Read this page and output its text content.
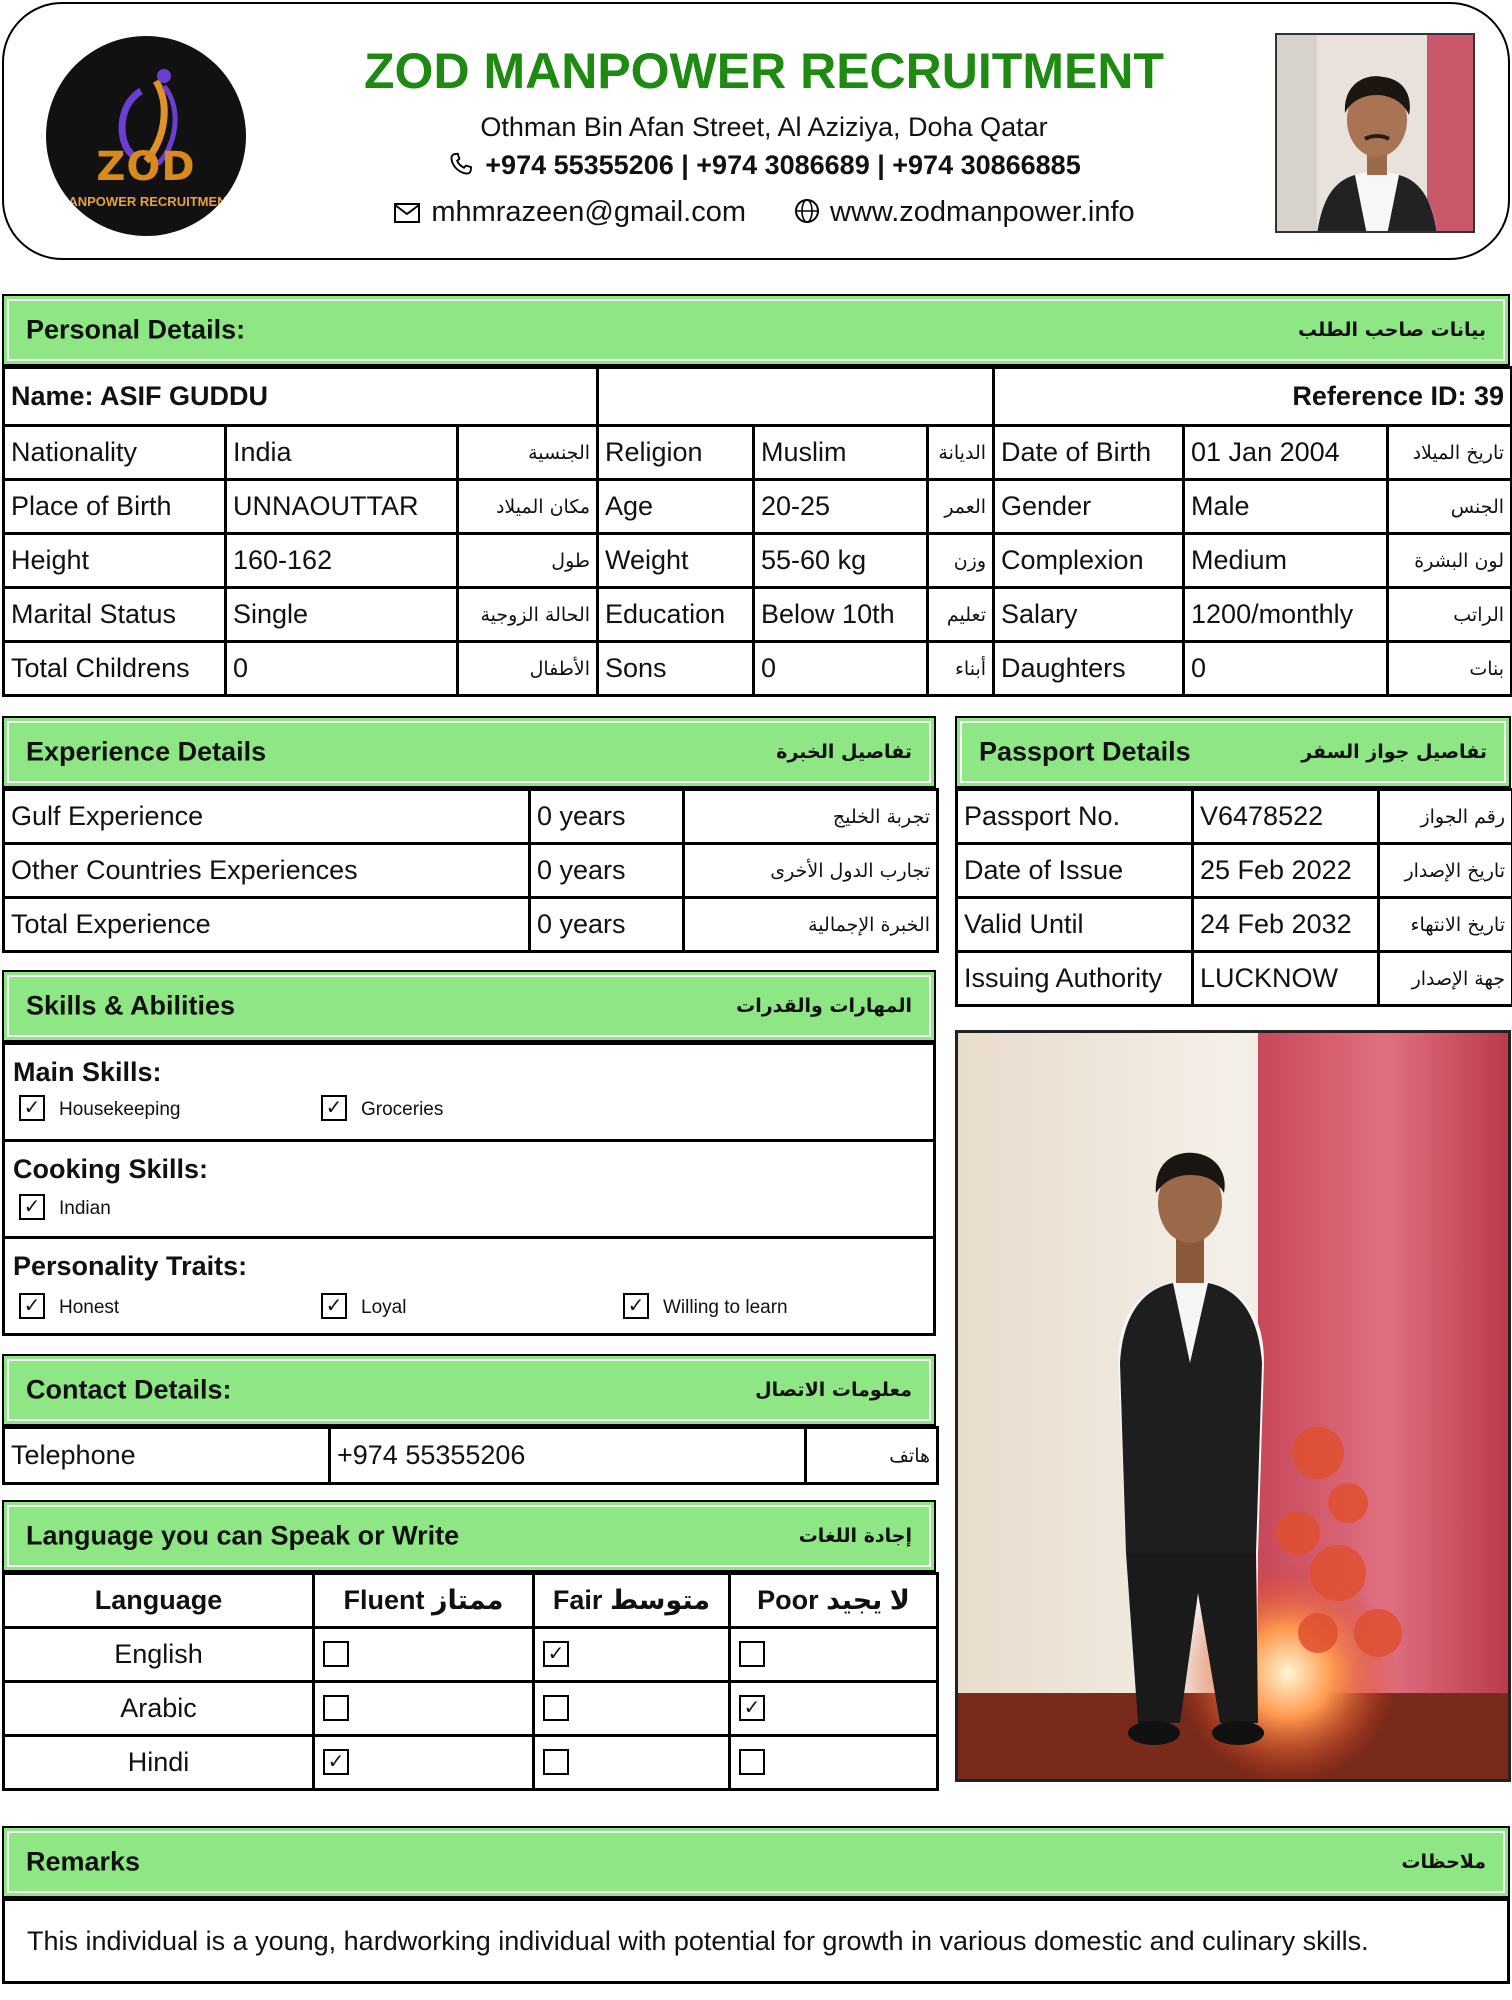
ZOD
MANPOWER RECRUITMENT
ZOD MANPOWER RECRUITMENT
Othman Bin Afan Street, Al Aziziya, Doha Qatar
+974 55355206 | +974 3086689 | +974 30866885
mhmrazeen@gmail.com	www.zodmanpower.info
Personal Details:	بيانات صاحب الطلب
Name: ASIF GUDDU						Reference ID: 39		
Nationality	India	الجنسية	Religion	Muslim	الديانة	Date of Birth	01 Jan 2004	تاريخ الميلاد
Place of Birth	UNNAOUTTAR	مكان الميلاد	Age	20-25	العمر	Gender	Male	الجنس
Height	160-162	طول	Weight	55-60 kg	وزن	Complexion	Medium	لون البشرة
Marital Status	Single	الحالة الزوجية	Education	Below 10th	تعليم	Salary	1200/monthly	الراتب
Total Childrens	0	الأطفال	Sons	0	أبناء	Daughters	0	بنات
Experience Details	تفاصيل الخبرة
Gulf Experience	0 years	تجربة الخليج
Other Countries Experiences	0 years	تجارب الدول الأخرى
Total Experience	0 years	الخبرة الإجمالية
Passport Details	تفاصيل جواز السفر
Passport No.	V6478522	رقم الجواز
Date of Issue	25 Feb 2022	تاريخ الإصدار
Valid Until	24 Feb 2032	تاريخ الانتهاء
Issuing Authority	LUCKNOW	جهة الإصدار
Skills & Abilities	المهارات والقدرات
Main Skills:
✓ Housekeeping	✓ Groceries
Cooking Skills:
✓ Indian
Personality Traits:
✓ Honest	✓ Loyal	✓ Willing to learn
Contact Details:	معلومات الاتصال
Telephone	+974 55355206	هاتف
Language you can Speak or Write	إجادة اللغات
Language	Fluent ممتاز	Fair متوسط	Poor لا يجيد
English		✓	
Arabic			✓
Hindi	✓		
Remarks	ملاحظات
This individual is a young, hardworking individual with potential for growth in various domestic and culinary skills.
